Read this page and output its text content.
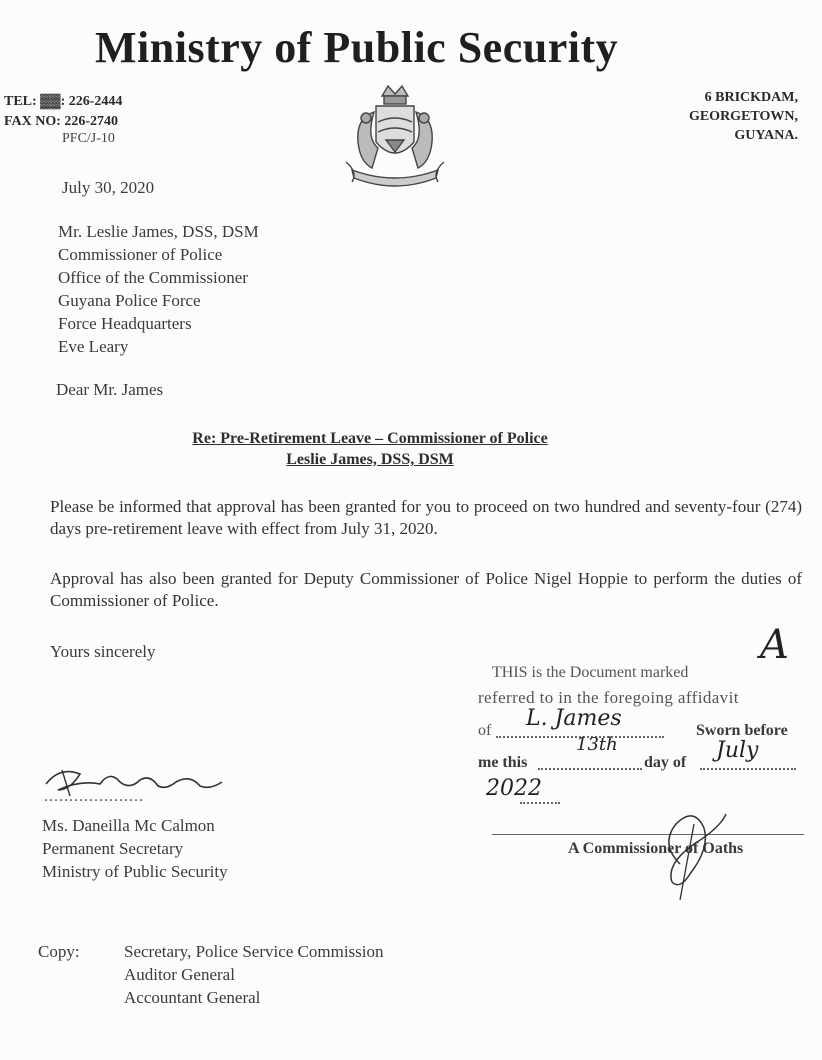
Ministry of Public Security
TEL: ▓▓: 226-2444
FAX NO: 226-2740
PFC/J-10
6 BRICKDAM,
GEORGETOWN,
GUYANA.
July 30, 2020
Mr. Leslie James, DSS, DSM
Commissioner of Police
Office of the Commissioner
Guyana Police Force
Force Headquarters
Eve Leary
Dear Mr. James
Re: Pre-Retirement Leave – Commissioner of Police
Leslie James, DSS, DSM
Please be informed that approval has been granted for you to proceed on two hundred and seventy-four (274) days pre-retirement leave with effect from July 31, 2020.
Approval has also been granted for Deputy Commissioner of Police Nigel Hoppie to perform the duties of Commissioner of Police.
Yours sincerely
....................
Ms. Daneilla Mc Calmon
Permanent Secretary
Ministry of Public Security
Copy:	Secretary, Police Service Commission
Auditor General
Accountant General
A
THIS is the Document marked
referred to in the foregoing affidavit
of L. James	Sworn before
me this
13th
day of July
2022
A Commissioner of Oaths
